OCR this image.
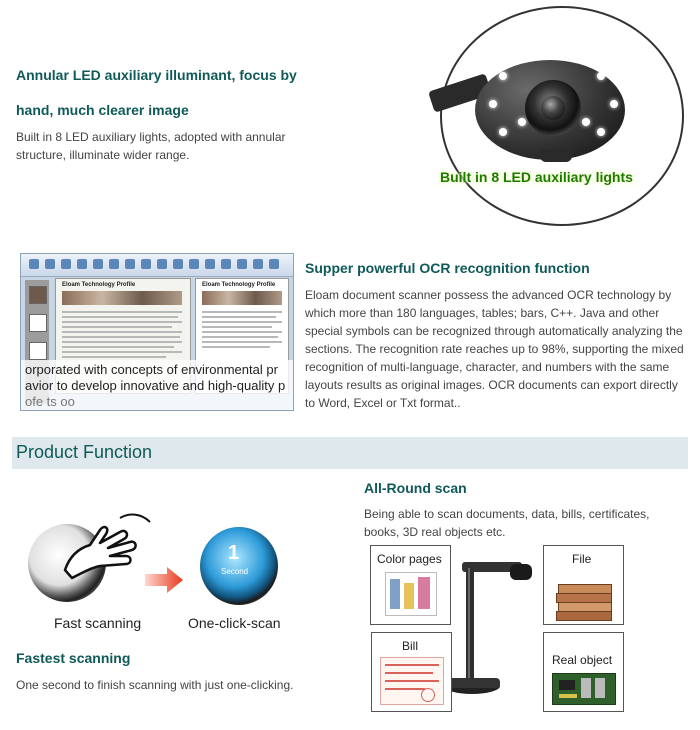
Annular LED auxiliary illuminant, focus by
hand, much clearer image
Built in 8 LED auxiliary lights, adopted with annular structure, illuminate wider range.
Built in 8 LED auxiliary lights
Eloam Technology Profile	Eloam Technology Profile
orporated with concepts of environmental pr
avior to develop innovative and high-quality p
ofe ts oo
Supper powerful OCR recognition function
Eloam document scanner possess the advanced OCR technology by which more than 180 languages, tables; bars, C++. Java and other special symbols can be recognized through automatically analyzing the sections. The recognition rate reaches up to 98%, supporting the mixed recognition of multi-language, character, and numbers with the same layouts results as original images. OCR documents can export directly to Word, Excel or Txt format..
Product Function
1
Second
Fast scanning	One-click-scan
Fastest scanning
One second to finish scanning with just one-clicking.
All-Round scan
Being able to scan documents, data, bills, certificates, books, 3D real objects etc.
Color pages	File
Bill
Real object
